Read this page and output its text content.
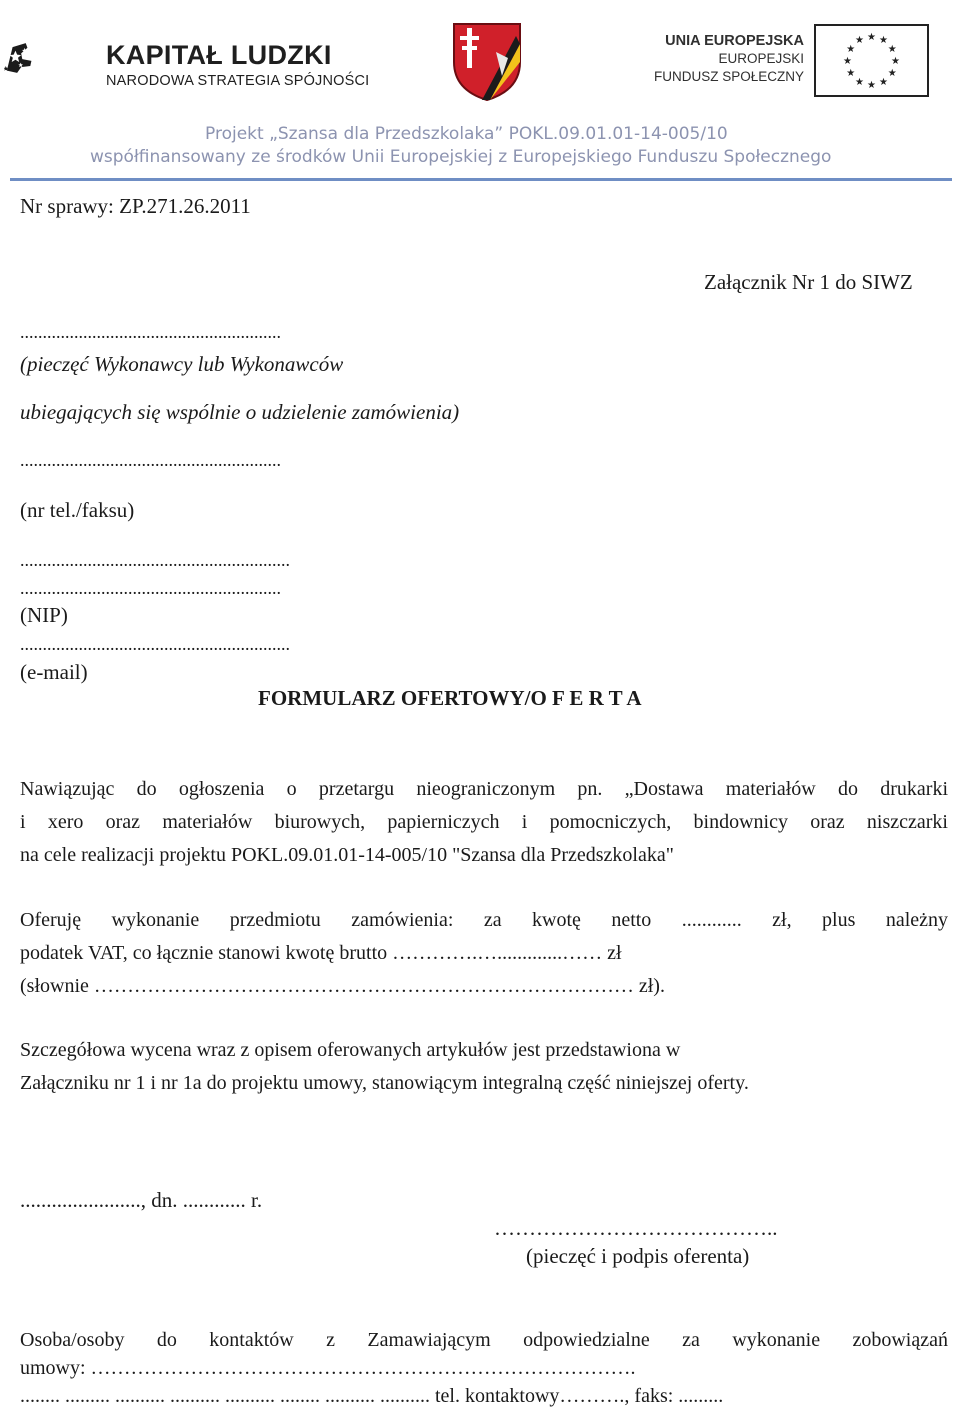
KAPITAŁ LUDZKI
NARODOWA STRATEGIA SPÓJNOŚCI
UNIA EUROPEJSKA
EUROPEJSKI
FUNDUSZ SPOŁECZNY
★ ★
★
★
★
★
★
★
★
★
★
★
Projekt „Szansa dla Przedszkolaka” POKL.09.01.01-14-005/10
współfinansowany ze środków Unii Europejskiej z Europejskiego Funduszu Społecznego
Nr sprawy: ZP.271.26.2011
Załącznik Nr 1 do SIWZ
..........................................................
(pieczęć Wykonawcy lub Wykonawców
ubiegających się wspólnie o udzielenie zamówienia)
..........................................................
(nr tel./faksu)
............................................................
..........................................................
(NIP)
............................................................
(e-mail)
FORMULARZ OFERTOWY/O F E R T A
Nawiązując do ogłoszenia o przetargu nieograniczonym pn. „Dostawa materiałów do drukarki
i xero oraz materiałów biurowych, papierniczych i pomocniczych, bindownicy oraz niszczarki
na cele realizacji projektu POKL.09.01.01-14-005/10 "Szansa dla Przedszkolaka"
Oferuję wykonanie przedmiotu zamówienia: za kwotę netto ............ zł, plus należny
podatek VAT, co łącznie stanowi kwotę brutto ………….….............…… zł
(słownie ……………………………………………………………………… zł).
Szczegółowa wycena wraz z opisem oferowanych artykułów jest przedstawiona w
Załączniku nr 1 i nr 1a do projektu umowy, stanowiącym integralną część niniejszej oferty.
......................., dn. ............ r.
…………………………………..
(pieczęć i podpis oferenta)
Osoba/osoby do kontaktów z Zamawiającym odpowiedzialne za wykonanie zobowiązań
umowy: ……………………………………………………………………….
........ ......... .......... .......... .......... ........ .......... .......... tel. kontaktowy………., faks: .........
